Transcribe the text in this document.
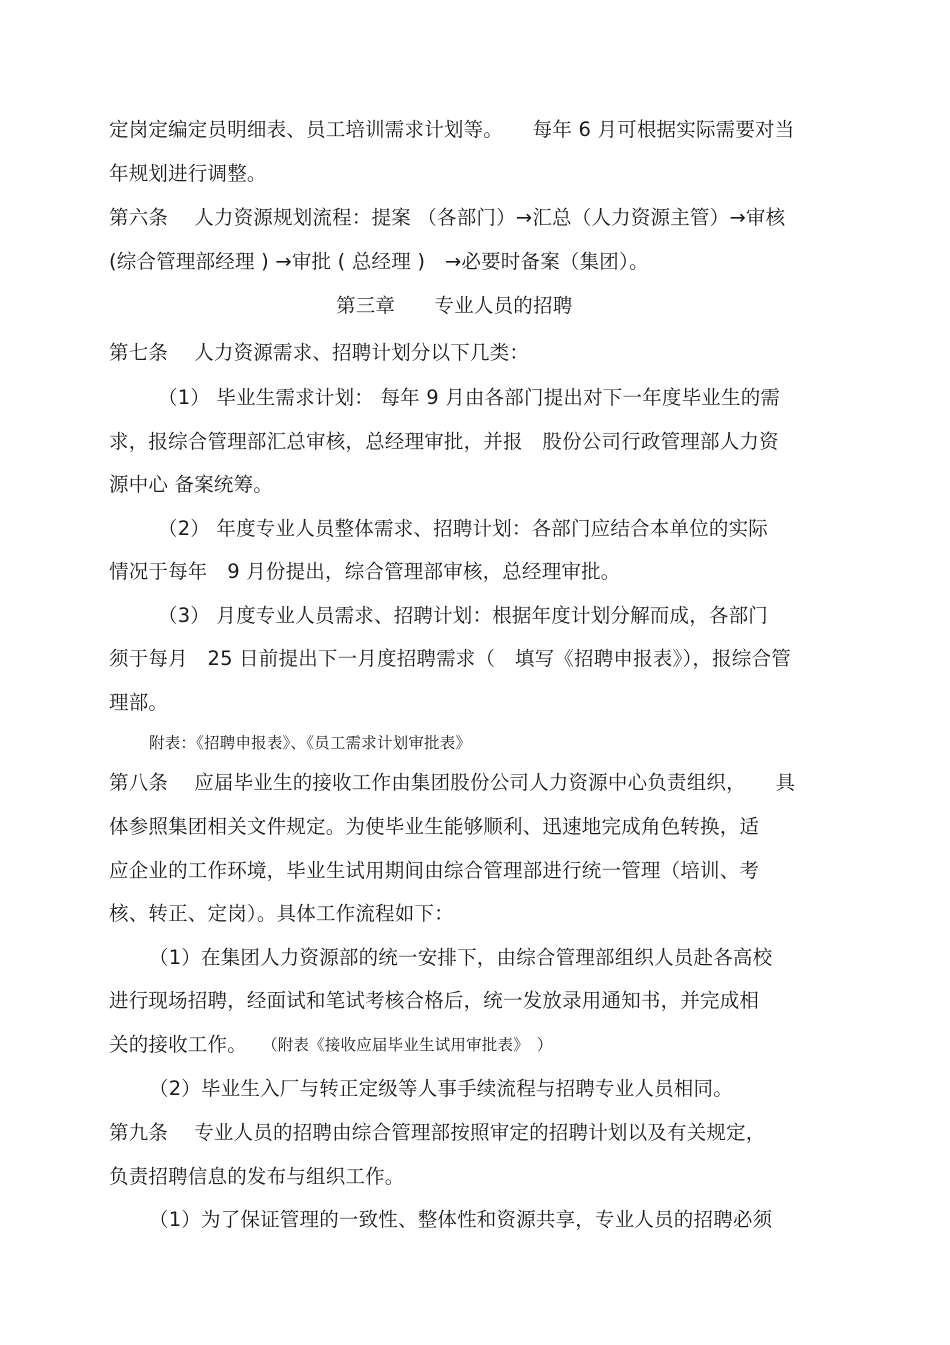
定岗定编定员明细表、员工培训需求计划等。　　每年 6 月可根据实际需要对当
年规划进行调整。
第六条　 人力资源规划流程：提案 （各部门）→汇总（人力资源主管）→审核
(综合管理部经理 ) →审批 ( 总经理 )　→必要时备案（集团）。
第三章　　专业人员的招聘
第七条　 人力资源需求、招聘计划分以下几类：
（1） 毕业生需求计划： 每年 9 月由各部门提出对下一年度毕业生的需
求，报综合管理部汇总审核，总经理审批，并报　股份公司行政管理部人力资
源中心 备案统筹。
（2） 年度专业人员整体需求、招聘计划：各部门应结合本单位的实际
情况于每年　9 月份提出，综合管理部审核，总经理审批。
（3） 月度专业人员需求、招聘计划：根据年度计划分解而成，各部门
须于每月　25 日前提出下一月度招聘需求（　填写《招聘申报表》），报综合管
理部。
附表：《招聘申报表》、《员工需求计划审批表》
第八条　 应届毕业生的接收工作由集团股份公司人力资源中心负责组织，　　具
体参照集团相关文件规定。为使毕业生能够顺利、迅速地完成角色转换，适
应企业的工作环境，毕业生试用期间由综合管理部进行统一管理（培训、考
核、转正、定岗）。具体工作流程如下：
（1）在集团人力资源部的统一安排下，由综合管理部组织人员赴各高校
进行现场招聘，经面试和笔试考核合格后，统一发放录用通知书，并完成相
关的接收工作。 （附表《接收应届毕业生试用审批表》　）
（2）毕业生入厂与转正定级等人事手续流程与招聘专业人员相同。
第九条　 专业人员的招聘由综合管理部按照审定的招聘计划以及有关规定，
负责招聘信息的发布与组织工作。
（1）为了保证管理的一致性、整体性和资源共享，专业人员的招聘必须
